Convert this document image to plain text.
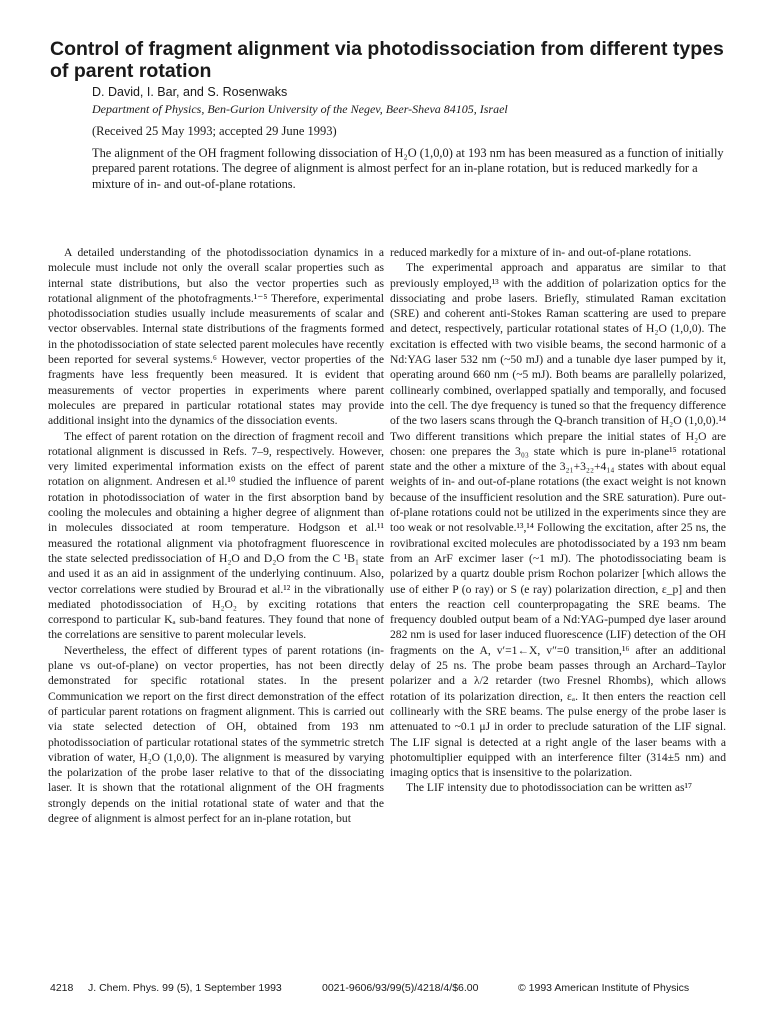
Control of fragment alignment via photodissociation from different types of parent rotation

D. David, I. Bar, and S. Rosenwaks

Department of Physics, Ben-Gurion University of the Negev, Beer-Sheva 84105, Israel

(Received 25 May 1993; accepted 29 June 1993)

The alignment of the OH fragment following dissociation of H₂O (1,0,0) at 193 nm has been measured as a function of initially prepared parent rotations. The degree of alignment is almost perfect for an in-plane rotation, but is reduced markedly for a mixture of in- and out-of-plane rotations.

A detailed understanding of the photodissociation dynamics in a molecule must include not only the overall scalar properties such as internal state distributions, but also the vector properties such as rotational alignment of the photofragments.¹⁻⁵ Therefore, experimental photodissociation studies usually include measurements of scalar and vector observables. Internal state distributions of the fragments formed in the photodissociation of state selected parent molecules have recently been reported for several systems.⁶ However, vector properties of the fragments have less frequently been measured. It is evident that measurements of vector properties in experiments where parent molecules are prepared in particular rotational states may provide additional insight into the dynamics of the dissociation events.

The effect of parent rotation on the direction of fragment recoil and rotational alignment is discussed in Refs. 7–9, respectively. However, very limited experimental information exists on the effect of parent rotation on alignment. Andresen et al.¹⁰ studied the influence of parent rotation in photodissociation of water in the first absorption band by cooling the molecules and obtaining a higher degree of alignment than in molecules dissociated at room temperature. Hodgson et al.¹¹ measured the rotational alignment via photofragment fluorescence in the state selected predissociation of H₂O and D₂O from the C ¹B₁ state and used it as an aid in assignment of the underlying continuum. Also, vector correlations were studied by Brourad et al.¹² in the vibrationally mediated photodissociation of H₂O₂ by exciting rotations that correspond to particular Kₐ sub-band features. They found that none of the correlations are sensitive to parent molecular levels.

Nevertheless, the effect of different types of parent rotations (in-plane vs out-of-plane) on vector properties, has not been directly demonstrated for specific rotational states. In the present Communication we report on the first direct demonstration of the effect of particular parent rotations on fragment alignment. This is carried out via state selected detection of OH, obtained from 193 nm photodissociation of particular rotational states of the symmetric stretch vibration of water, H₂O (1,0,0). The alignment is measured by varying the polarization of the probe laser relative to that of the dissociating laser. It is shown that the rotational alignment of the OH fragments strongly depends on the initial rotational state of water and that the degree of alignment is almost perfect for an in-plane rotation, but

reduced markedly for a mixture of in- and out-of-plane rotations.

The experimental approach and apparatus are similar to that previously employed,¹³ with the addition of polarization optics for the dissociating and probe lasers. Briefly, stimulated Raman excitation (SRE) and coherent anti-Stokes Raman scattering are used to prepare and detect, respectively, particular rotational states of H₂O (1,0,0). The excitation is effected with two visible beams, the second harmonic of a Nd:YAG laser 532 nm (~50 mJ) and a tunable dye laser pumped by it, operating around 660 nm (~5 mJ). Both beams are parallelly polarized, collinearly combined, overlapped spatially and temporally, and focused into the cell. The dye frequency is tuned so that the frequency difference of the two lasers scans through the Q-branch transition of H₂O (1,0,0).¹⁴ Two different transitions which prepare the initial states of H₂O are chosen: one prepares the 3₀₃ state which is pure in-plane¹⁵ rotational state and the other a mixture of the 3₂₁+3₂₂+4₁₄ states with about equal weights of in- and out-of-plane rotations (the exact weight is not known because of the insufficient resolution and the SRE saturation). Pure out-of-plane rotations could not be utilized in the experiments since they are too weak or not resolvable.¹³,¹⁴ Following the excitation, after 25 ns, the rovibrational excited molecules are photodissociated by a 193 nm beam from an ArF excimer laser (~1 mJ). The photodissociating beam is polarized by a quartz double prism Rochon polarizer [which allows the use of either P (o ray) or S (e ray) polarization direction, ε_p] and then enters the reaction cell counterpropagating the SRE beams. The frequency doubled output beam of a Nd:YAG-pumped dye laser around 282 nm is used for laser induced fluorescence (LIF) detection of the OH fragments on the A, v′=1←X, v″=0 transition,¹⁶ after an additional delay of 25 ns. The probe beam passes through an Archard–Taylor polarizer and a λ/2 retarder (two Fresnel Rhombs), which allows rotation of its polarization direction, εₐ. It then enters the reaction cell collinearly with the SRE beams. The pulse energy of the probe laser is attenuated to ~0.1 μJ in order to preclude saturation of the LIF signal. The LIF signal is detected at a right angle of the laser beams with a photomultiplier equipped with an interference filter (314±5 nm) and imaging optics that is insensitive to the polarization.

The LIF intensity due to photodissociation can be written as¹⁷

4218 J. Chem. Phys. 99 (5), 1 September 1993	0021-9606/93/99(5)/4218/4/$6.00	© 1993 American Institute of Physics
